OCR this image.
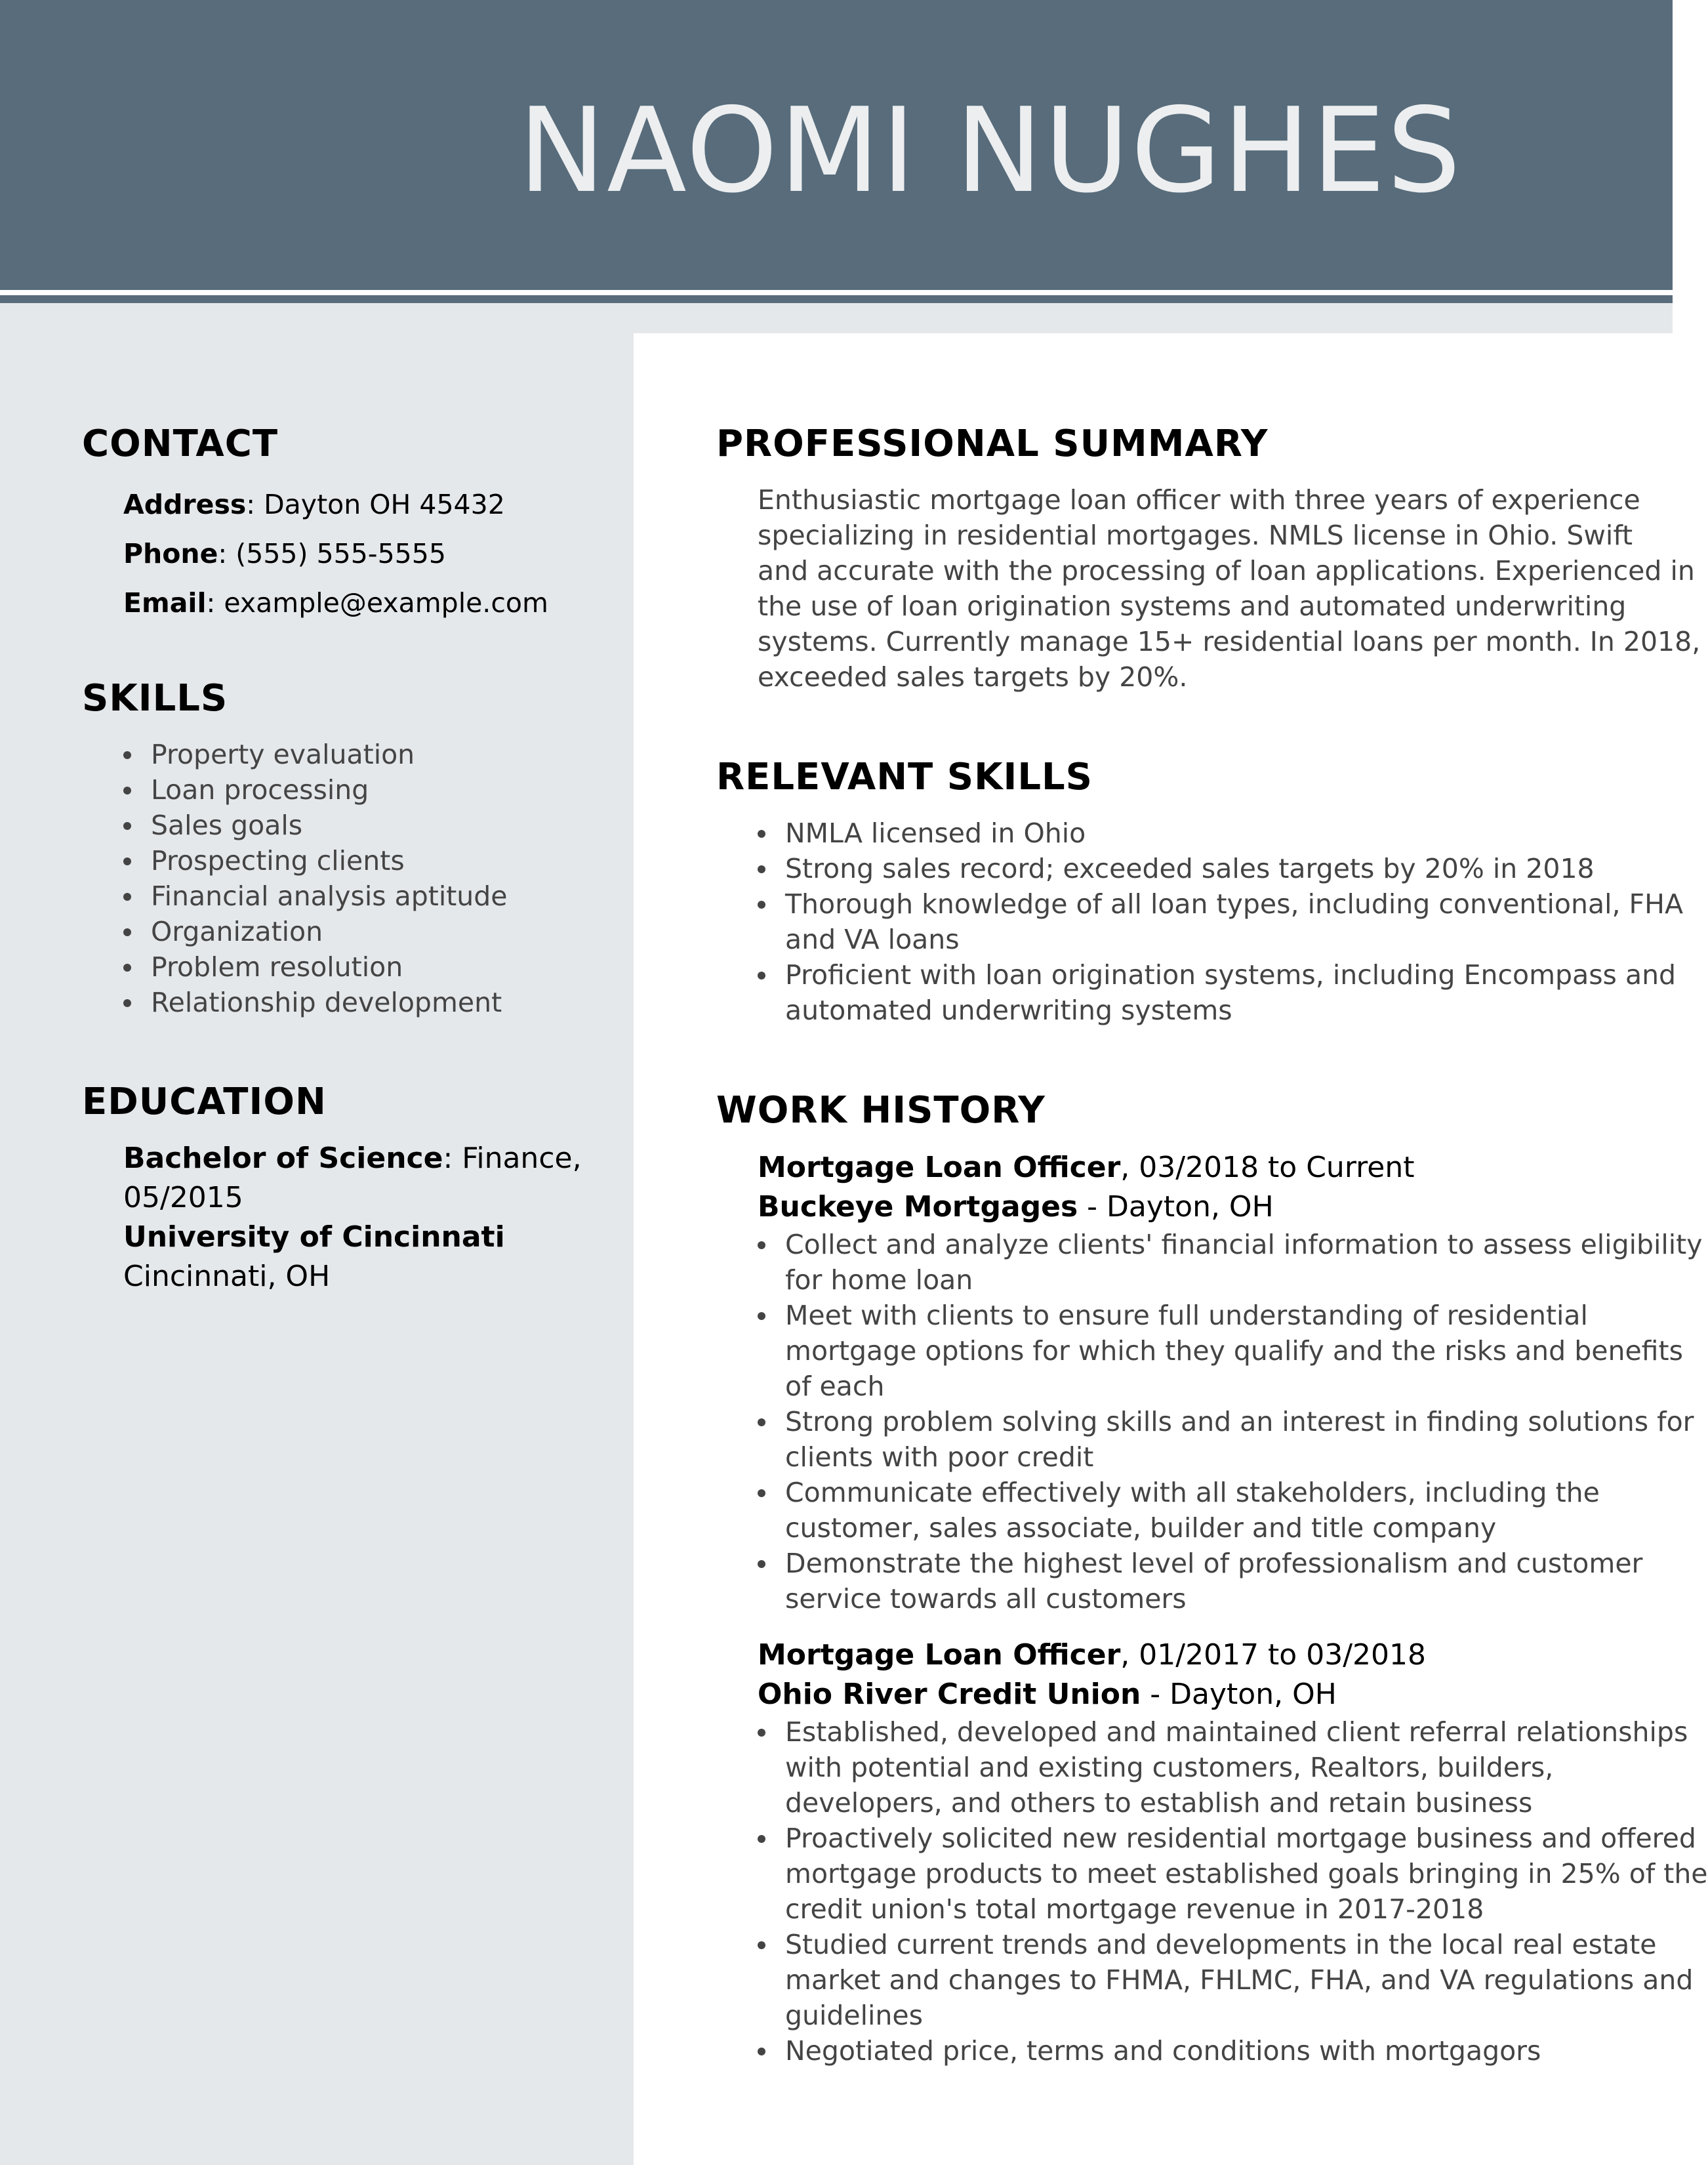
NAOMI NUGHES
CONTACT
Address: Dayton OH 45432
Phone: (555) 555-5555
Email: example@example.com
SKILLS
Property evaluation
Loan processing
Sales goals
Prospecting clients
Financial analysis aptitude
Organization
Problem resolution
Relationship development
EDUCATION
Bachelor of Science: Finance,
05/2015
University of Cincinnati
Cincinnati, OH
PROFESSIONAL SUMMARY

Enthusiastic mortgage loan officer with three years of experience

specializing in residential mortgages. NMLS license in Ohio. Swift

and accurate with the processing of loan applications. Experienced in

the use of loan origination systems and automated underwriting

systems. Currently manage 15+ residential loans per month. In 2018,

exceeded sales targets by 20%.

RELEVANT SKILLS
NMLA licensed in Ohio
Strong sales record; exceeded sales targets by 20% in 2018
Thorough knowledge of all loan types, including conventional, FHA
and VA loans
Proficient with loan origination systems, including Encompass and
automated underwriting systems
WORK HISTORY
Mortgage Loan Officer, 03/2018 to Current
Buckeye Mortgages - Dayton, OH
Collect and analyze clients' financial information to assess eligibility
for home loan
Meet with clients to ensure full understanding of residential
mortgage options for which they qualify and the risks and benefits
of each
Strong problem solving skills and an interest in finding solutions for
clients with poor credit
Communicate effectively with all stakeholders, including the
customer, sales associate, builder and title company
Demonstrate the highest level of professionalism and customer
service towards all customers
Mortgage Loan Officer, 01/2017 to 03/2018
Ohio River Credit Union - Dayton, OH
Established, developed and maintained client referral relationships
with potential and existing customers, Realtors, builders,
developers, and others to establish and retain business
Proactively solicited new residential mortgage business and offered
mortgage products to meet established goals bringing in 25% of the
credit union's total mortgage revenue in 2017-2018
Studied current trends and developments in the local real estate
market and changes to FHMA, FHLMC, FHA, and VA regulations and
guidelines
Negotiated price, terms and conditions with mortgagors
